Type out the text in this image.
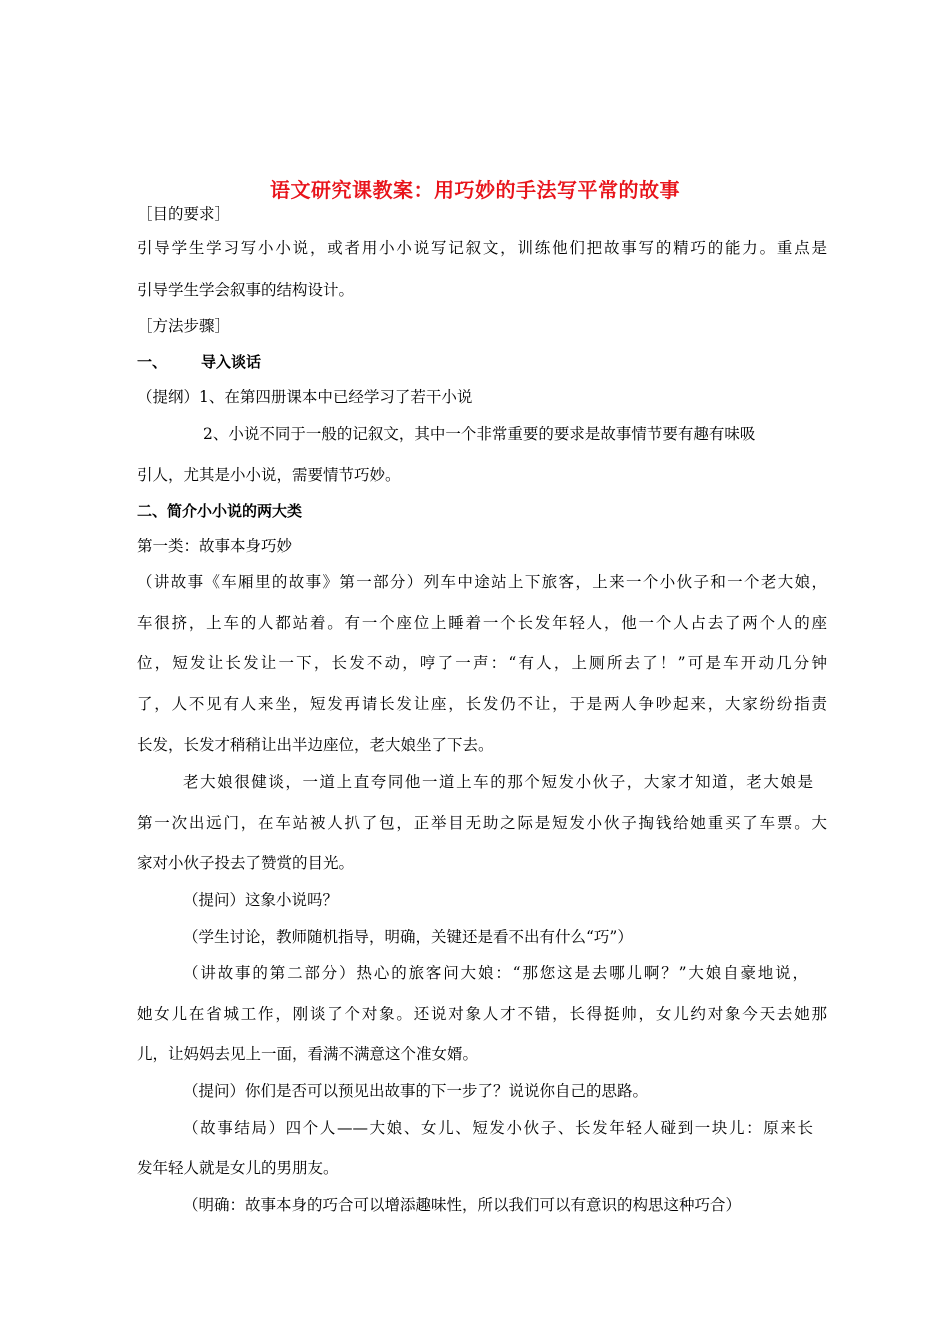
语文研究课教案：用巧妙的手法写平常的故事

［目的要求］

引导学生学习写小小说，或者用小小说写记叙文，训练他们把故事写的精巧的能力。重点是

引导学生学会叙事的结构设计。

［方法步骤］

一、 导入谈话

（提纲）1、在第四册课本中已经学习了若干小说

2、小说不同于一般的记叙文，其中一个非常重要的要求是故事情节要有趣有味吸

引人，尤其是小小说，需要情节巧妙。

二、简介小小说的两大类

第一类：故事本身巧妙

（讲故事《车厢里的故事》第一部分）列车中途站上下旅客，上来一个小伙子和一个老大娘，

车很挤，上车的人都站着。有一个座位上睡着一个长发年轻人，他一个人占去了两个人的座

位，短发让长发让一下，长发不动，哼了一声：“有人，上厕所去了！”可是车开动几分钟

了，人不见有人来坐，短发再请长发让座，长发仍不让，于是两人争吵起来，大家纷纷指责

长发，长发才稍稍让出半边座位，老大娘坐了下去。

老大娘很健谈，一道上直夸同他一道上车的那个短发小伙子，大家才知道，老大娘是

第一次出远门，在车站被人扒了包，正举目无助之际是短发小伙子掏钱给她重买了车票。大

家对小伙子投去了赞赏的目光。

（提问）这象小说吗？

（学生讨论，教师随机指导，明确，关键还是看不出有什么“巧”）

（讲故事的第二部分）热心的旅客问大娘：“那您这是去哪儿啊？”大娘自豪地说，

她女儿在省城工作，刚谈了个对象。还说对象人才不错，长得挺帅，女儿约对象今天去她那

儿，让妈妈去见上一面，看满不满意这个准女婿。

（提问）你们是否可以预见出故事的下一步了？说说你自己的思路。

（故事结局）四个人——大娘、女儿、短发小伙子、长发年轻人碰到一块儿：原来长

发年轻人就是女儿的男朋友。

（明确：故事本身的巧合可以增添趣味性，所以我们可以有意识的构思这种巧合）
